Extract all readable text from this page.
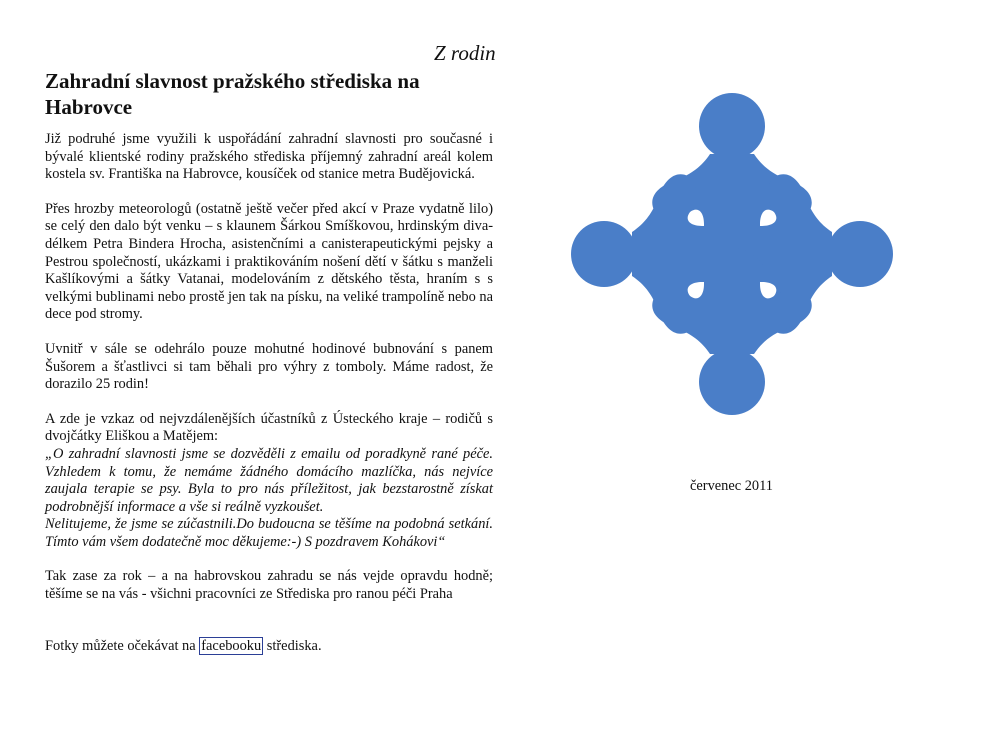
Z rodin
Zahradní slavnost pražského střediska na Habrovce

Již podruhé jsme využili k uspořádání zahradní slavnosti pro současné i bývalé klientské rodiny pražského střediska příjemný zahradní areál kolem kostela sv. Františka na Habrovce, kousíček od stanice metra Budějovická.

Přes hrozby meteorologů (ostatně ještě večer před akcí v Praze vydatně lilo) se celý den dalo být venku – s klaunem Šárkou Smíškovou, hrdinským diva-délkem Petra Bindera Hrocha, asistenčními a canisterapeutickými pejsky a Pestrou společností, ukázkami i praktikováním nošení dětí v šátku s manželi Kašlíkovými a šátky Vatanai, modelováním z dětského těsta, hraním s s velkými bublinami nebo prostě jen tak na písku, na veliké trampolíně nebo na dece pod stromy.

Uvnitř v sále se odehrálo pouze mohutné hodinové bubnování s panem Šušorem a šťastlivci si tam běhali pro výhry z tomboly. Máme radost, že dorazilo 25 rodin!

A zde je vzkaz od nejvzdálenějších účastníků z Ústeckého kraje – rodičů s dvojčátky Eliškou a Matějem:

„O zahradní slavnosti jsme se dozvěděli z emailu od poradkyně rané péče. Vzhledem k tomu, že nemáme žádného domácího mazlíčka, nás nejvíce zaujala terapie se psy. Byla to pro nás příležitost, jak bezstarostně získat podrobnější informace a vše si reálně vyzkoušet.
Nelitujeme, že jsme se zúčastnili.Do budoucna se těšíme na podobná setkání. Tímto vám všem dodatečně moc děkujeme:-) S pozdravem Kohákovi“

Tak zase za rok – a na habrovskou zahradu se nás vejde opravdu hodně; těšíme se na vás - všichni pracovníci ze Střediska pro ranou péči Praha

Fotky můžete očekávat na facebooku střediska.

červenec 2011
